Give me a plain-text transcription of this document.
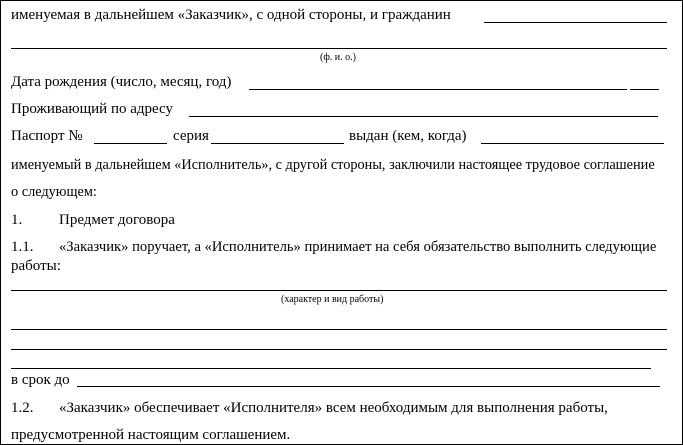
именуемая в дальнейшем «Заказчик», с одной стороны, и гражданин
(ф. и. о.)
Дата рождения (число, месяц, год)
Проживающий по адресу
Паспорт №	серия	выдан (кем, когда)
именуемый в дальнейшем «Исполнитель», с другой стороны, заключили настоящее трудовое соглашение
о следующем:
1. Предмет договора
1.1. «Заказчик» поручает, а «Исполнитель» принимает на себя обязательство выполнить следующие
работы:
(характер и вид работы)
в срок до
1.2. «Заказчик» обеспечивает «Исполнителя» всем необходимым для выполнения работы,
предусмотренной настоящим соглашением.
